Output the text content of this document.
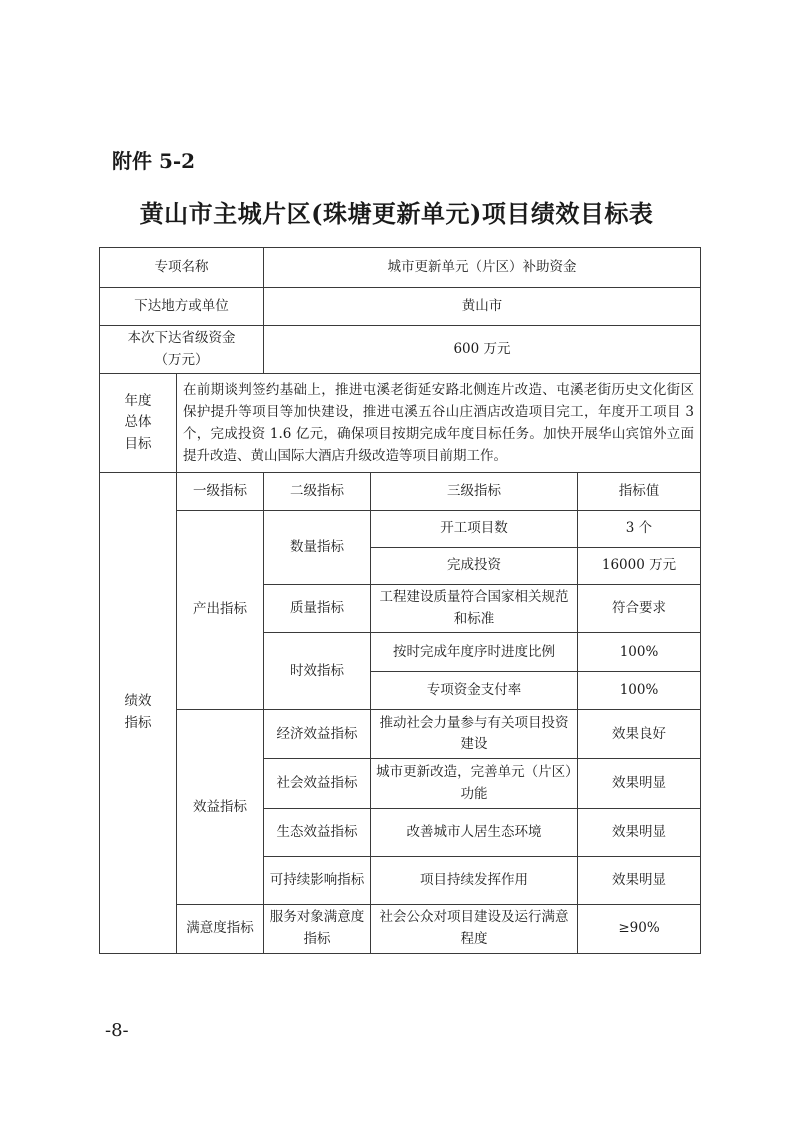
附件 5-2
黄山市主城片区(珠塘更新单元)项目绩效目标表
专项名称		城市更新单元（片区）补助资金		
下达地方或单位		黄山市		

本次下达省级资金
（万元）		600 万元		

年度
总体
目标	在前期谈判签约基础上，推进屯溪老街延安路北侧连片改造、屯溪老街历史文化街区保护提升等项目等加快建设，推进屯溪五谷山庄酒店改造项目完工，年度开工项目 3 个，完成投资 1.6 亿元，确保项目按期完成年度目标任务。加快开展华山宾馆外立面提升改造、黄山国际大酒店升级改造等项目前期工作。			

绩效
指标	一级指标	二级指标	三级指标	指标值
	产出指标	数量指标	开工项目数	3 个
			完成投资	16000 万元
		质量指标	工程建设质量符合国家相关规范和标准	符合要求
		时效指标	按时完成年度序时进度比例	100%
			专项资金支付率	100%
	效益指标	经济效益指标	推动社会力量参与有关项目投资建设	效果良好
		社会效益指标	城市更新改造，完善单元（片区）功能	效果明显
		生态效益指标	改善城市人居生态环境	效果明显
		可持续影响指标	项目持续发挥作用	效果明显
	满意度指标	服务对象满意度指标	社会公众对项目建设及运行满意程度	≥90%
-8-
